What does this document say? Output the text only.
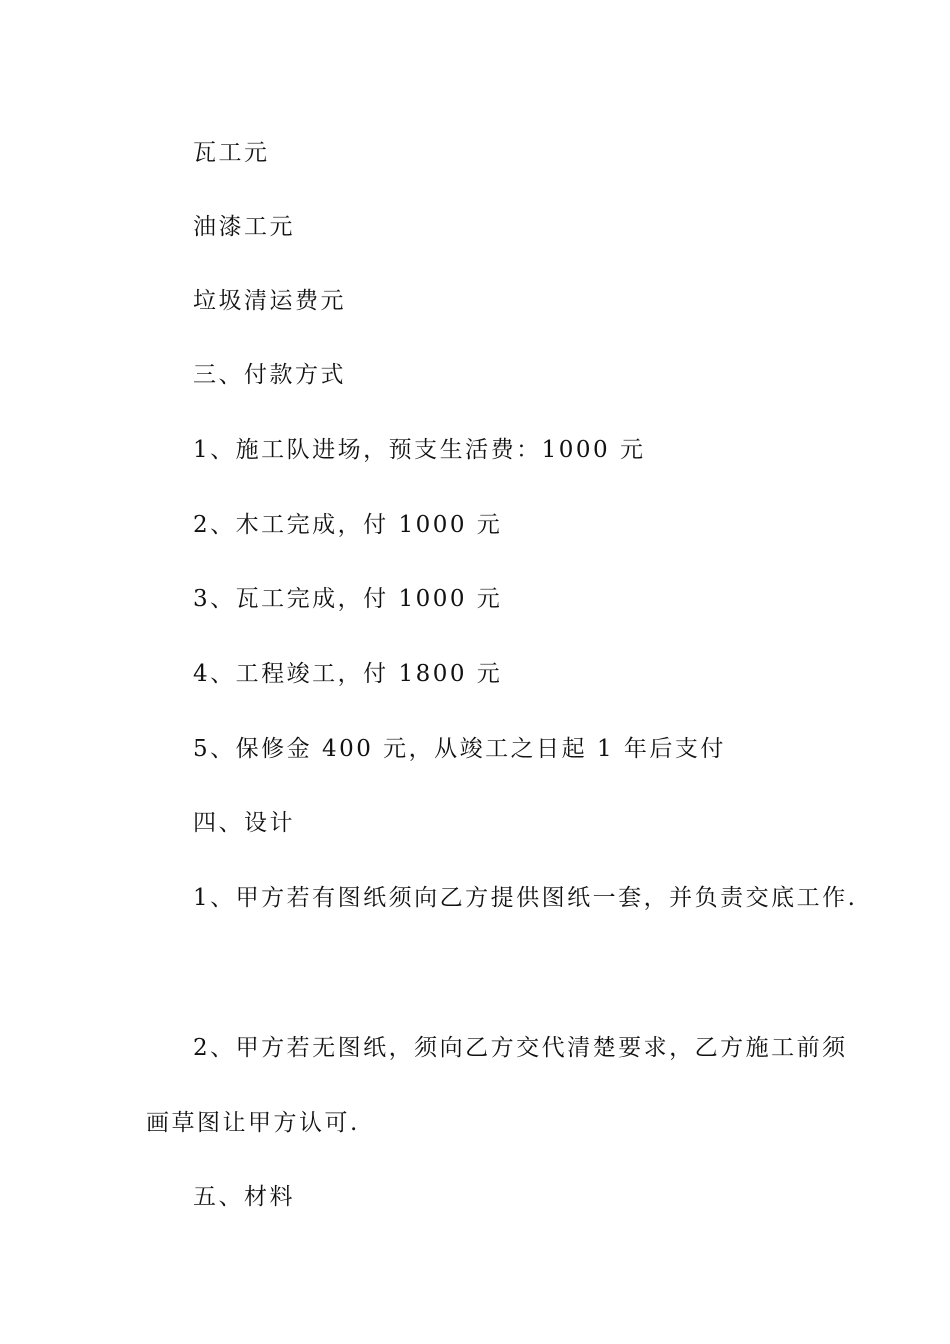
瓦工元
油漆工元
垃圾清运费元
三、付款方式
1、施工队进场，预支生活费：1000 元
2、木工完成，付 1000 元
3、瓦工完成，付 1000 元
4、工程竣工，付 1800 元
5、保修金 400 元，从竣工之日起 1 年后支付
四、设计
1、甲方若有图纸须向乙方提供图纸一套，并负责交底工作.
2、甲方若无图纸，须向乙方交代清楚要求，乙方施工前须
画草图让甲方认可.
五、材料
